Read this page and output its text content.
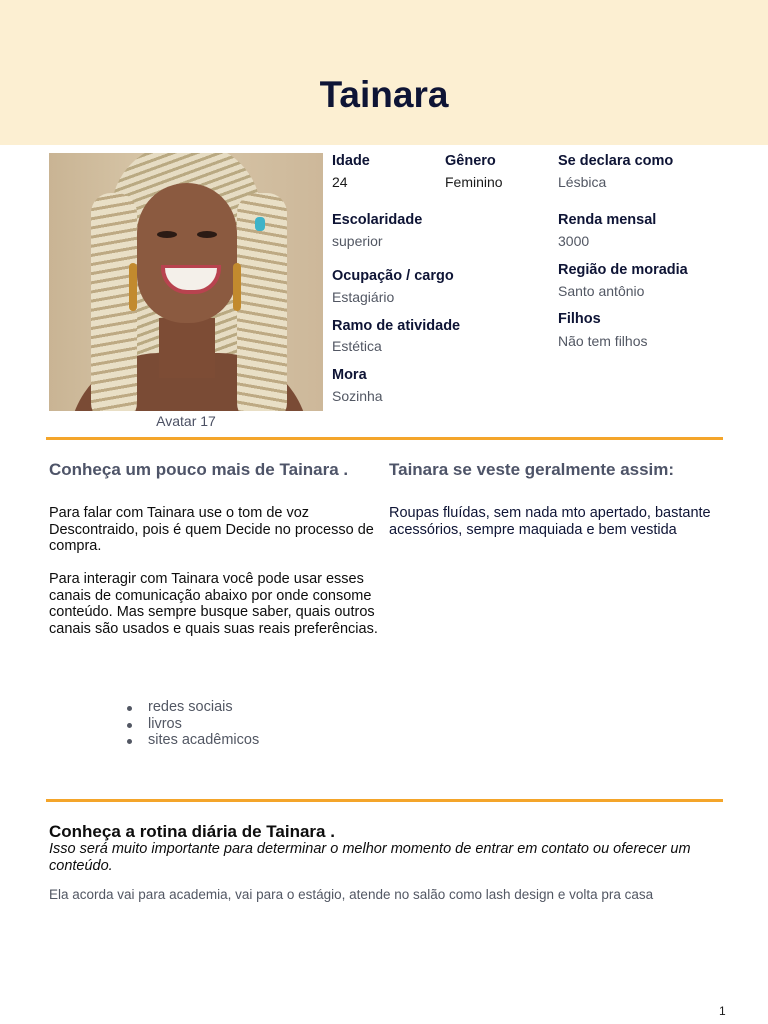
Tainara
Avatar 17
Idade
24
Gênero
Feminino
Se declara como
Lésbica
Escolaridade
superior
Renda mensal
3000
Ocupação / cargo
Estagiário
Região de moradia
Santo antônio
Ramo de atividade
Estética
Filhos
Não tem filhos
Mora
Sozinha
Conheça um pouco mais de Tainara .
Para falar com Tainara use o tom de voz Descontraido, pois é quem Decide no processo de compra.
Para interagir com Tainara você pode usar esses canais de comunicação abaixo por onde consome conteúdo. Mas sempre busque saber, quais outros canais são usados e quais suas reais preferências.
redes sociais
livros
sites acadêmicos
Tainara se veste geralmente assim:
Roupas fluídas, sem nada mto apertado, bastante acessórios, sempre maquiada e bem vestida
Conheça a rotina diária de Tainara .
Isso será muito importante para determinar o melhor momento de entrar em contato ou oferecer um conteúdo.
Ela acorda vai para academia, vai para o estágio, atende no salão como lash design e volta pra casa
1
